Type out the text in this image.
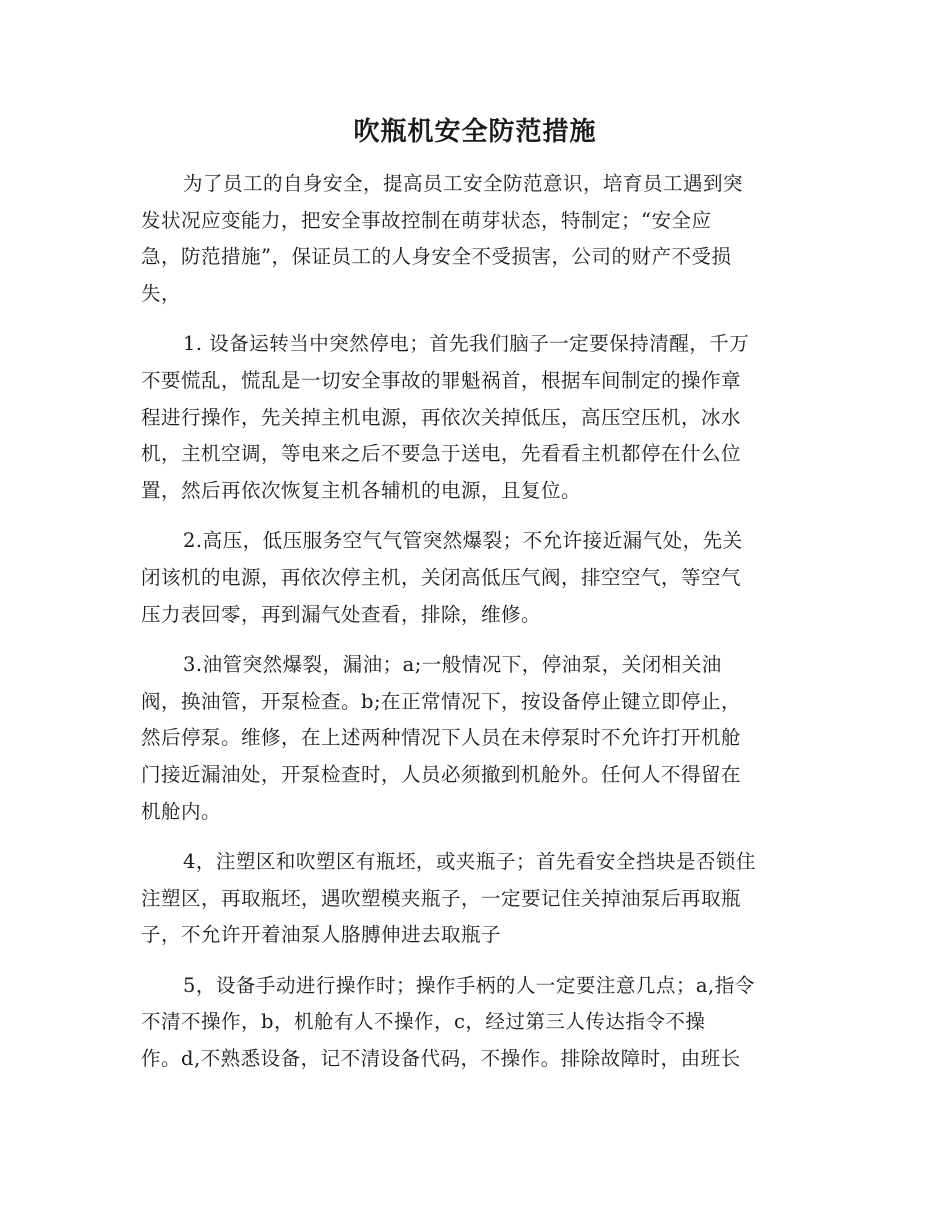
吹瓶机安全防范措施
为了员工的自身安全，提高员工安全防范意识，培育员工遇到突
发状况应变能力，把安全事故控制在萌芽状态，特制定；“安全应
急，防范措施”，保证员工的人身安全不受损害，公司的财产不受损
失，
1. 设备运转当中突然停电；首先我们脑子一定要保持清醒，千万
不要慌乱，慌乱是一切安全事故的罪魁祸首，根据车间制定的操作章
程进行操作，先关掉主机电源，再依次关掉低压，高压空压机，冰水
机，主机空调，等电来之后不要急于送电，先看看主机都停在什么位
置，然后再依次恢复主机各辅机的电源，且复位。
2.高压，低压服务空气气管突然爆裂；不允许接近漏气处，先关
闭该机的电源，再依次停主机，关闭高低压气阀，排空空气，等空气
压力表回零，再到漏气处查看，排除，维修。
3.油管突然爆裂，漏油；a;一般情况下，停油泵，关闭相关油
阀，换油管，开泵检查。b;在正常情况下，按设备停止键立即停止，
然后停泵。维修，在上述两种情况下人员在未停泵时不允许打开机舱
门接近漏油处，开泵检查时，人员必须撤到机舱外。任何人不得留在
机舱内。
4，注塑区和吹塑区有瓶坯，或夹瓶子；首先看安全挡块是否锁住
注塑区，再取瓶坯，遇吹塑模夹瓶子，一定要记住关掉油泵后再取瓶
子，不允许开着油泵人胳膊伸进去取瓶子
5，设备手动进行操作时；操作手柄的人一定要注意几点；a,指令
不清不操作，b，机舱有人不操作，c，经过第三人传达指令不操
作。d,不熟悉设备，记不清设备代码，不操作。排除故障时，由班长
